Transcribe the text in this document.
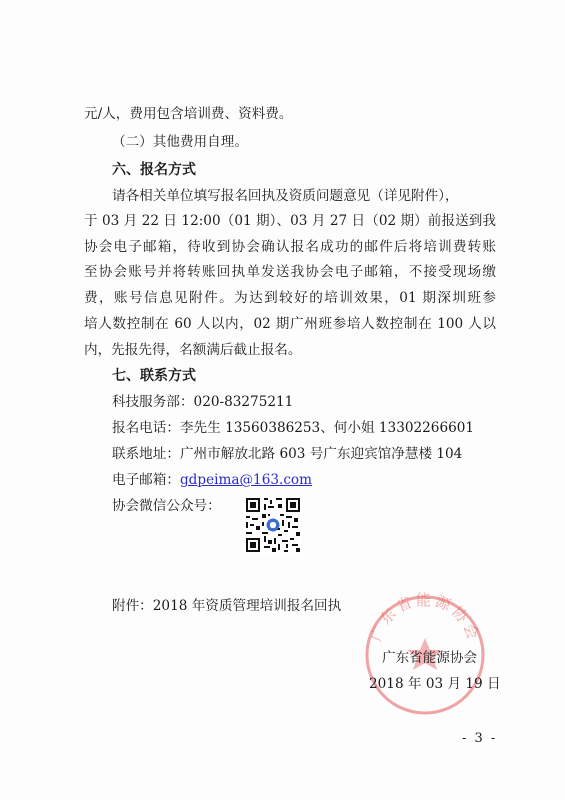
元/人，费用包含培训费、资料费。
（二）其他费用自理。
六、报名方式
请各相关单位填写报名回执及资质问题意见（详见附件），
于 03 月 22 日 12:00（01 期）、03 月 27 日（02 期）前报送到我
协会电子邮箱，待收到协会确认报名成功的邮件后将培训费转账
至协会账号并将转账回执单发送我协会电子邮箱，不接受现场缴
费，账号信息见附件。为达到较好的培训效果，01 期深圳班参
培人数控制在 60 人以内，02 期广州班参培人数控制在 100 人以
内，先报先得，名额满后截止报名。
七、联系方式
科技服务部：020-83275211
报名电话：李先生 13560386253、何小姐 13302266601
联系地址：广州市解放北路 603 号广东迎宾馆净慧楼 104
电子邮箱：gdpeima@163.com
协会微信公众号：
附件：2018 年资质管理培训报名回执
广东省能源协会
广东省能源协会
2018 年 03 月 19 日
- 3 -
